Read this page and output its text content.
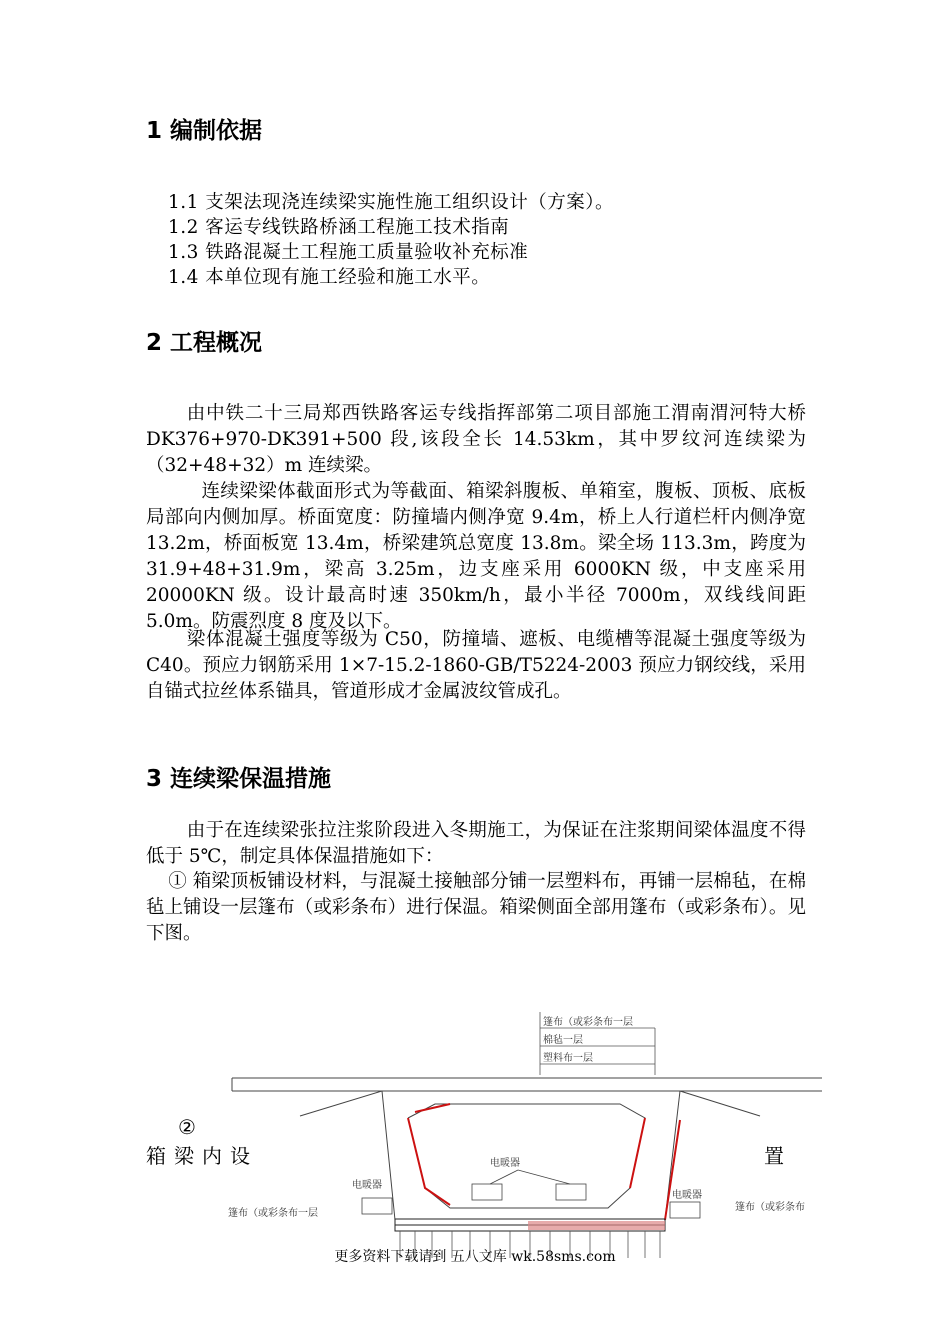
1 编制依据
1.1 支架法现浇连续梁实施性施工组织设计（方案）。
1.2 客运专线铁路桥涵工程施工技术指南
1.3 铁路混凝土工程施工质量验收补充标准
1.4 本单位现有施工经验和施工水平。
2 工程概况

由中铁二十三局郑西铁路客运专线指挥部第二项目部施工渭南渭河特大桥 DK376+970-DK391+500 段,该段全长 14.53km，其中罗纹河连续梁为（32+48+32）m 连续梁。

连续梁梁体截面形式为等截面、箱梁斜腹板、单箱室，腹板、顶板、底板局部向内侧加厚。桥面宽度：防撞墙内侧净宽 9.4m，桥上人行道栏杆内侧净宽 13.2m，桥面板宽 13.4m，桥梁建筑总宽度 13.8m。梁全场 113.3m，跨度为 31.9+48+31.9m，梁高 3.25m，边支座采用 6000KN 级，中支座采用 20000KN 级。设计最高时速 350km/h，最小半径 7000m，双线线间距 5.0m。防震烈度 8 度及以下。

梁体混凝土强度等级为 C50，防撞墙、遮板、电缆槽等混凝土强度等级为 C40。预应力钢筋采用 1×7-15.2-1860-GB/T5224-2003 预应力钢绞线，采用自锚式拉丝体系锚具，管道形成才金属波纹管成孔。

3 连续梁保温措施

由于在连续梁张拉注浆阶段进入冬期施工，为保证在注浆期间梁体温度不得低于 5℃，制定具体保温措施如下：

① 箱梁顶板铺设材料，与混凝土接触部分铺一层塑料布，再铺一层棉毡，在棉毡上铺设一层篷布（或彩条布）进行保温。箱梁侧面全部用篷布（或彩条布）。见下图。

篷布（或彩条布一层
棉毡一层
塑料布一层
电暖器
电暖器
电暖器
篷布（或彩条布一层
篷布（或彩条布
②
箱梁内设	置
更多资料下载请到 五八文库 wk.58sms.com
